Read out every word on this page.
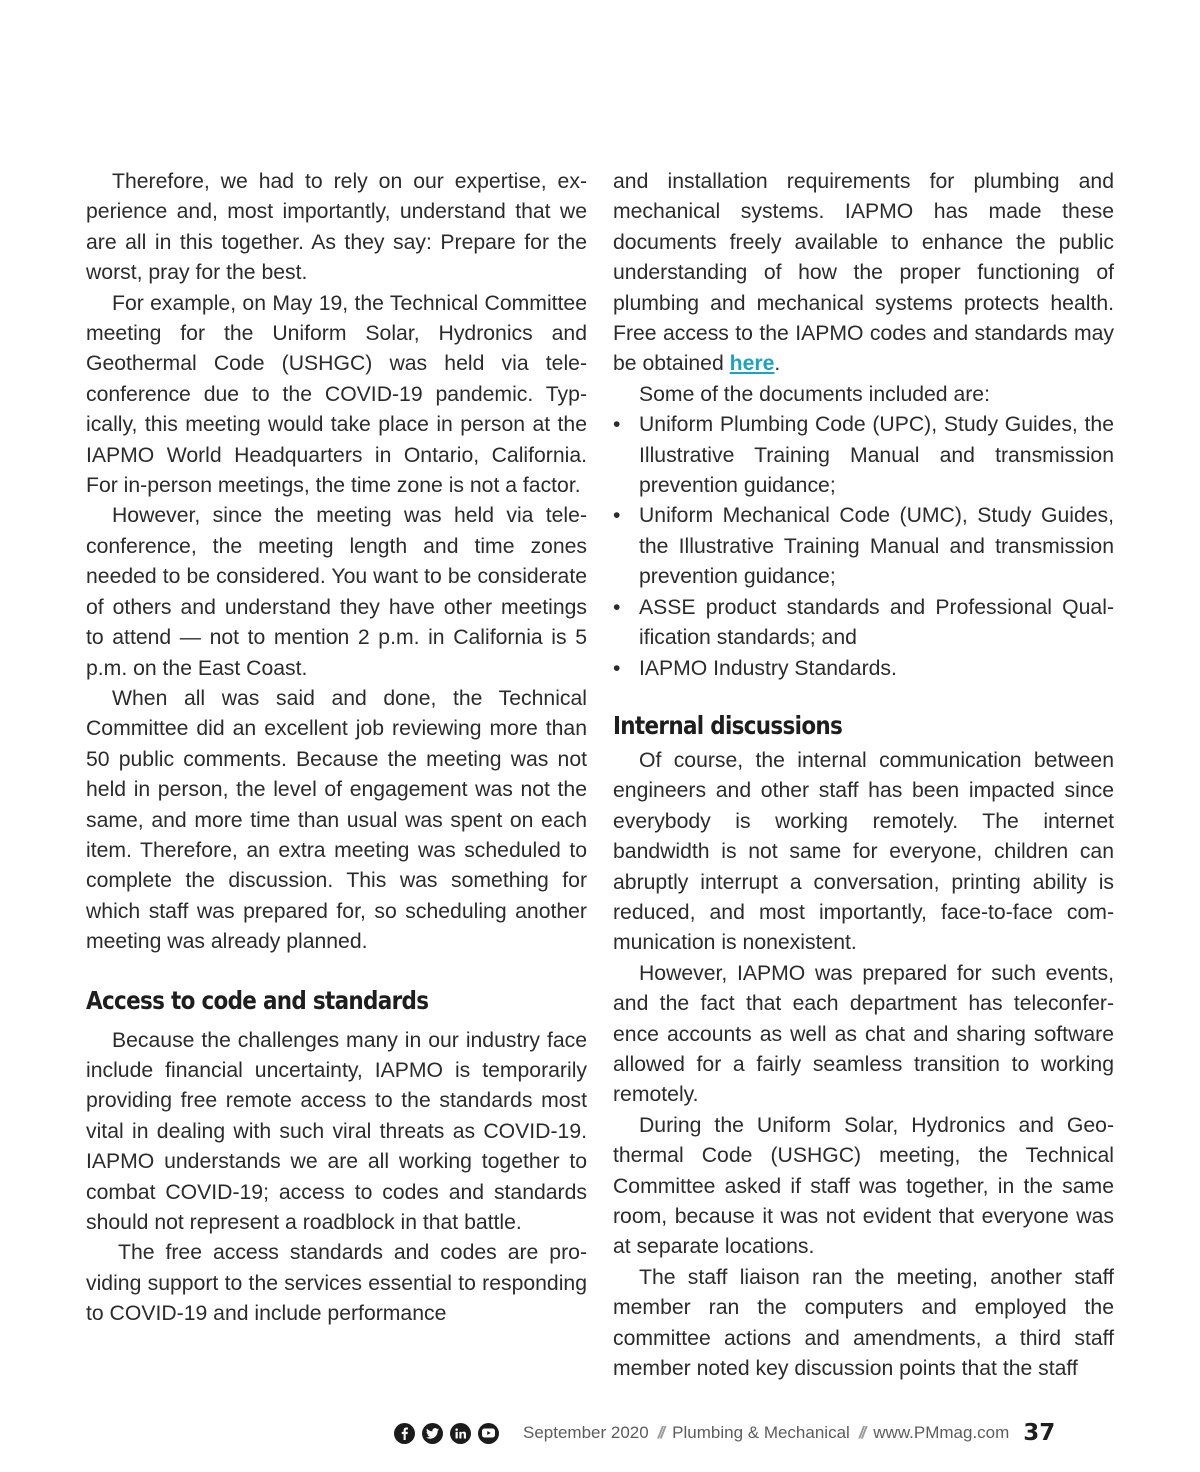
Therefore, we had to rely on our expertise, experience and, most importantly, understand that we are all in this together. As they say: Prepare for the worst, pray for the best.

For example, on May 19, the Technical Committee meeting for the Uniform Solar, Hydronics and Geothermal Code (USHGC) was held via teleconference due to the COVID-19 pandemic. Typically, this meeting would take place in person at the IAPMO World Headquarters in Ontario, California. For in-person meetings, the time zone is not a factor.

However, since the meeting was held via teleconference, the meeting length and time zones needed to be considered. You want to be considerate of others and understand they have other meetings to attend — not to mention 2 p.m. in California is 5 p.m. on the East Coast.

When all was said and done, the Technical Committee did an excellent job reviewing more than 50 public comments. Because the meeting was not held in person, the level of engagement was not the same, and more time than usual was spent on each item. Therefore, an extra meeting was scheduled to complete the discussion. This was something for which staff was prepared for, so scheduling another meeting was already planned.

Access to code and standards

Because the challenges many in our industry face include financial uncertainty, IAPMO is temporarily providing free remote access to the standards most vital in dealing with such viral threats as COVID-19. IAPMO understands we are all working together to combat COVID-19; access to codes and standards should not represent a roadblock in that battle.

The free access standards and codes are providing support to the services essential to responding to COVID-19 and include performance

and installation requirements for plumbing and mechanical systems. IAPMO has made these documents freely available to enhance the public understanding of how the proper functioning of plumbing and mechanical systems protects health. Free access to the IAPMO codes and standards may be obtained here.

Some of the documents included are:

• Uniform Plumbing Code (UPC), Study Guides, the Illustrative Training Manual and transmission prevention guidance;
• Uniform Mechanical Code (UMC), Study Guides, the Illustrative Training Manual and transmission prevention guidance;
• ASSE product standards and Professional Qualification standards; and
• IAPMO Industry Standards.
Internal discussions

Of course, the internal communication between engineers and other staff has been impacted since everybody is working remotely. The internet bandwidth is not same for everyone, children can abruptly interrupt a conversation, printing ability is reduced, and most importantly, face-to-face communication is nonexistent.

However, IAPMO was prepared for such events, and the fact that each department has teleconference accounts as well as chat and sharing software allowed for a fairly seamless transition to working remotely.

During the Uniform Solar, Hydronics and Geothermal Code (USHGC) meeting, the Technical Committee asked if staff was together, in the same room, because it was not evident that everyone was at separate locations.

The staff liaison ran the meeting, another staff member ran the computers and employed the committee actions and amendments, a third staff member noted key discussion points that the staff

September 2020 // Plumbing & Mechanical // www.PMmag.com 37
